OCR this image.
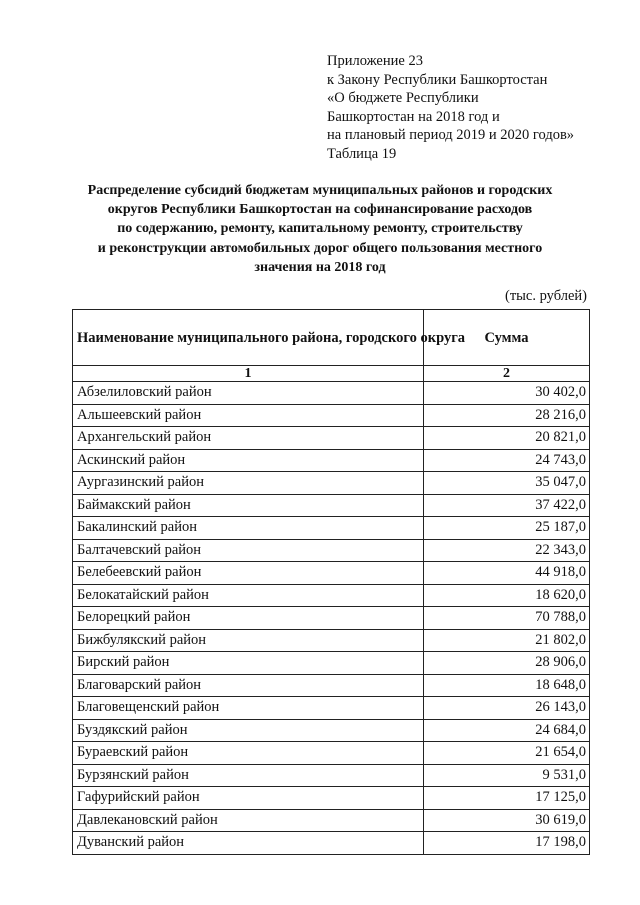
Приложение 23
к Закону Республики Башкортостан
«О бюджете Республики
Башкортостан на 2018 год и
на плановый период 2019 и 2020 годов»
Таблица 19
Распределение субсидий бюджетам муниципальных районов и городских
округов Республики Башкортостан на софинансирование расходов
по содержанию, ремонту, капитальному ремонту, строительству
и реконструкции автомобильных дорог общего пользования местного
значения на 2018 год
(тыс. рублей)
Наименование муниципального района, городского округа	Сумма
1	2
Абзелиловский район	30 402,0
Альшеевский район	28 216,0
Архангельский район	20 821,0
Аскинский район	24 743,0
Аургазинский район	35 047,0
Баймакский район	37 422,0
Бакалинский район	25 187,0
Балтачевский район	22 343,0
Белебеевский район	44 918,0
Белокатайский район	18 620,0
Белорецкий район	70 788,0
Бижбулякский район	21 802,0
Бирский район	28 906,0
Благоварский район	18 648,0
Благовещенский район	26 143,0
Буздякский район	24 684,0
Бураевский район	21 654,0
Бурзянский район	9 531,0
Гафурийский район	17 125,0
Давлекановский район	30 619,0
Дуванский район	17 198,0
